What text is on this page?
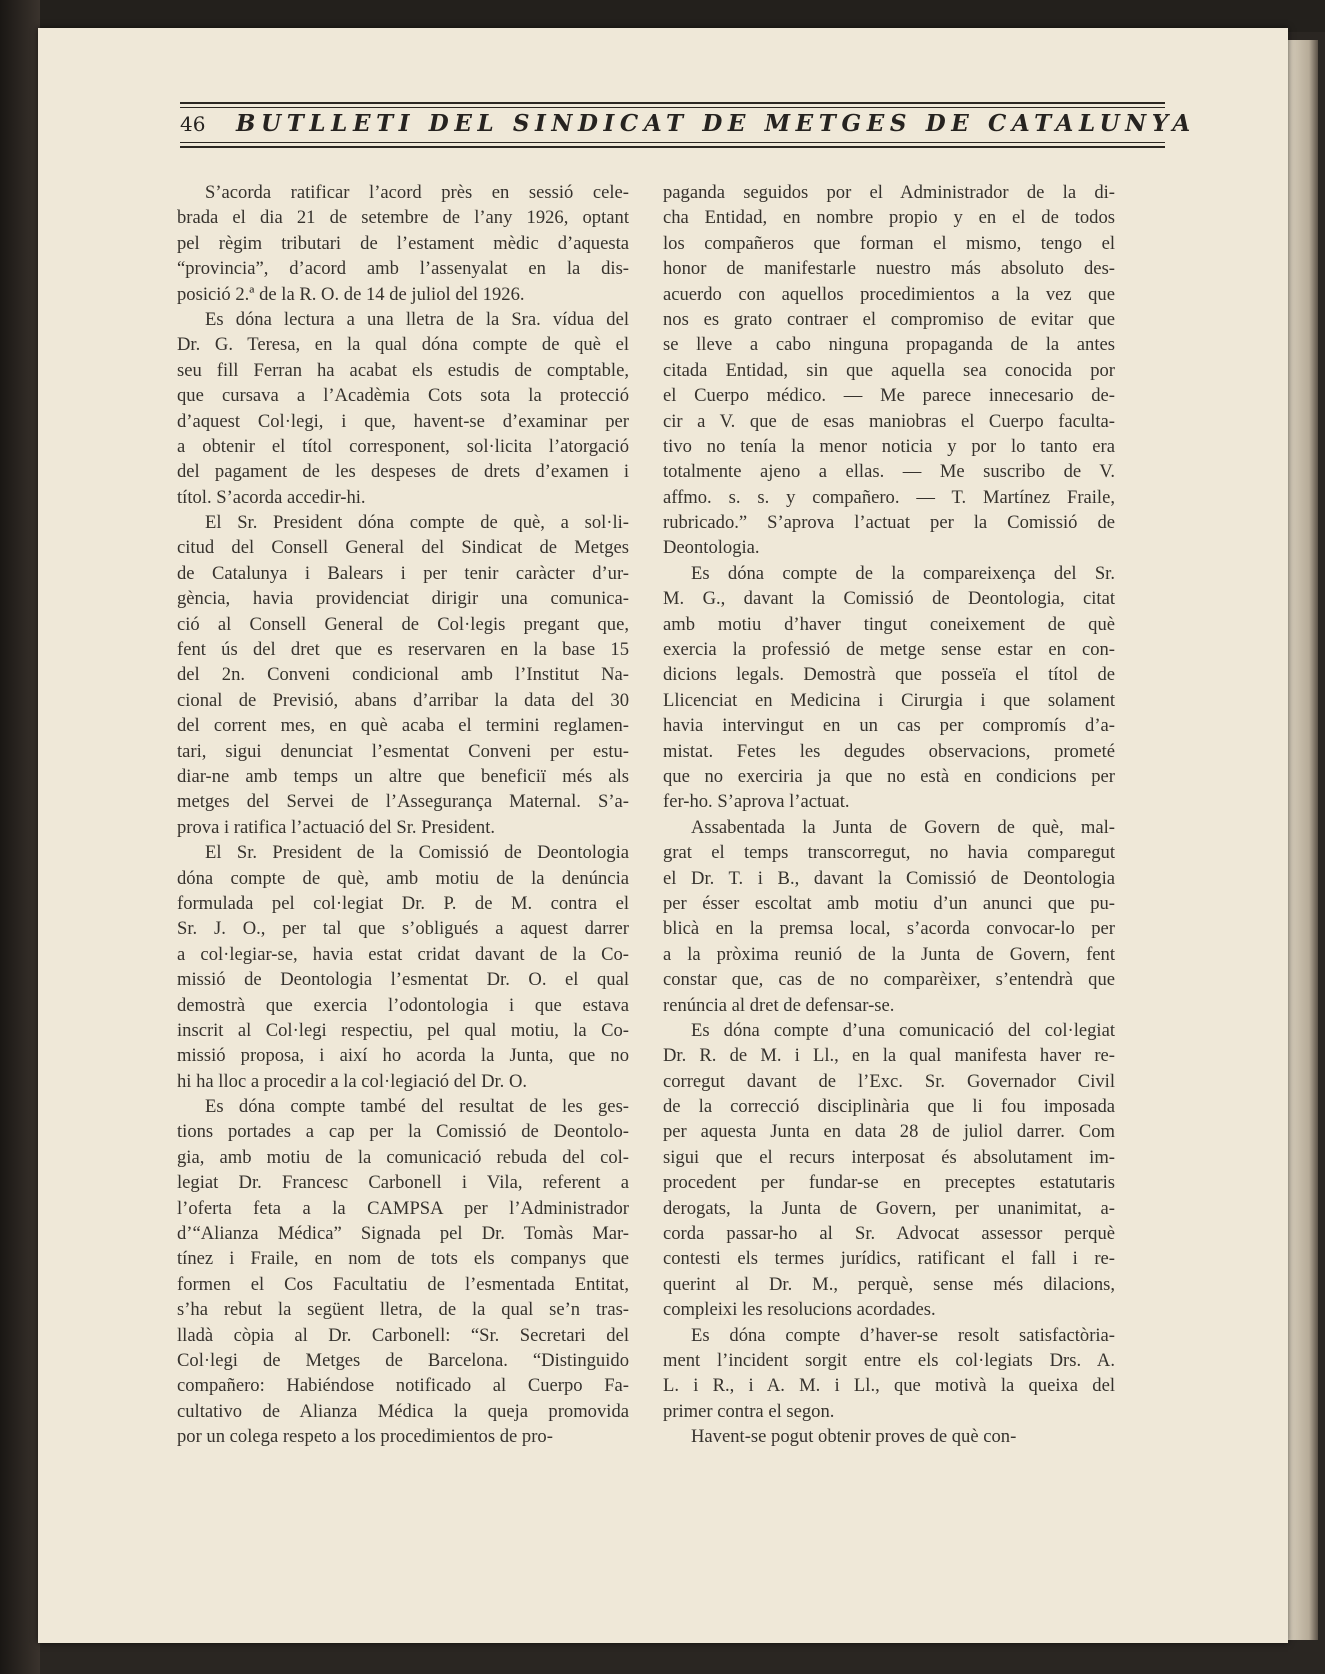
46 BUTLLETI DEL SINDICAT DE METGES DE CATALUNYA
S’acorda ratificar l’acord près en sessió cele-
brada el dia 21 de setembre de l’any 1926, optant
pel règim tributari de l’estament mèdic d’aquesta
“provincia”, d’acord amb l’assenyalat en la dis-
posició 2.ª de la R. O. de 14 de juliol del 1926.
Es dóna lectura a una lletra de la Sra. vídua del
Dr. G. Teresa, en la qual dóna compte de què el
seu fill Ferran ha acabat els estudis de comptable,
que cursava a l’Acadèmia Cots sota la protecció
d’aquest Col·legi, i que, havent-se d’examinar per
a obtenir el títol corresponent, sol·licita l’atorgació
del pagament de les despeses de drets d’examen i
títol. S’acorda accedir-hi.
El Sr. President dóna compte de què, a sol·li-
citud del Consell General del Sindicat de Metges
de Catalunya i Balears i per tenir caràcter d’ur-
gència, havia providenciat dirigir una comunica-
ció al Consell General de Col·legis pregant que,
fent ús del dret que es reservaren en la base 15
del 2n. Conveni condicional amb l’Institut Na-
cional de Previsió, abans d’arribar la data del 30
del corrent mes, en què acaba el termini reglamen-
tari, sigui denunciat l’esmentat Conveni per estu-
diar-ne amb temps un altre que beneficiï més als
metges del Servei de l’Assegurança Maternal. S’a-
prova i ratifica l’actuació del Sr. President.
El Sr. President de la Comissió de Deontologia
dóna compte de què, amb motiu de la denúncia
formulada pel col·legiat Dr. P. de M. contra el
Sr. J. O., per tal que s’obligués a aquest darrer
a col·legiar-se, havia estat cridat davant de la Co-
missió de Deontologia l’esmentat Dr. O. el qual
demostrà que exercia l’odontologia i que estava
inscrit al Col·legi respectiu, pel qual motiu, la Co-
missió proposa, i així ho acorda la Junta, que no
hi ha lloc a procedir a la col·legiació del Dr. O.
Es dóna compte també del resultat de les ges-
tions portades a cap per la Comissió de Deontolo-
gia, amb motiu de la comunicació rebuda del col-
legiat Dr. Francesc Carbonell i Vila, referent a
l’oferta feta a la CAMPSA per l’Administrador
d’“Alianza Médica” Signada pel Dr. Tomàs Mar-
tínez i Fraile, en nom de tots els companys que
formen el Cos Facultatiu de l’esmentada Entitat,
s’ha rebut la següent lletra, de la qual se’n tras-
lladà còpia al Dr. Carbonell: “Sr. Secretari del
Col·legi de Metges de Barcelona. “Distinguido
compañero: Habiéndose notificado al Cuerpo Fa-
cultativo de Alianza Médica la queja promovida
por un colega respeto a los procedimientos de pro-
paganda seguidos por el Administrador de la di-
cha Entidad, en nombre propio y en el de todos
los compañeros que forman el mismo, tengo el
honor de manifestarle nuestro más absoluto des-
acuerdo con aquellos procedimientos a la vez que
nos es grato contraer el compromiso de evitar que
se lleve a cabo ninguna propaganda de la antes
citada Entidad, sin que aquella sea conocida por
el Cuerpo médico. — Me parece innecesario de-
cir a V. que de esas maniobras el Cuerpo faculta-
tivo no tenía la menor noticia y por lo tanto era
totalmente ajeno a ellas. — Me suscribo de V.
affmo. s. s. y compañero. — T. Martínez Fraile,
rubricado.” S’aprova l’actuat per la Comissió de
Deontologia.
Es dóna compte de la compareixença del Sr.
M. G., davant la Comissió de Deontologia, citat
amb motiu d’haver tingut coneixement de què
exercia la professió de metge sense estar en con-
dicions legals. Demostrà que posseïa el títol de
Llicenciat en Medicina i Cirurgia i que solament
havia intervingut en un cas per compromís d’a-
mistat. Fetes les degudes observacions, prometé
que no exerciria ja que no està en condicions per
fer-ho. S’aprova l’actuat.
Assabentada la Junta de Govern de què, mal-
grat el temps transcorregut, no havia comparegut
el Dr. T. i B., davant la Comissió de Deontologia
per ésser escoltat amb motiu d’un anunci que pu-
blicà en la premsa local, s’acorda convocar-lo per
a la pròxima reunió de la Junta de Govern, fent
constar que, cas de no comparèixer, s’entendrà que
renúncia al dret de defensar-se.
Es dóna compte d’una comunicació del col·legiat
Dr. R. de M. i Ll., en la qual manifesta haver re-
corregut davant de l’Exc. Sr. Governador Civil
de la correcció disciplinària que li fou imposada
per aquesta Junta en data 28 de juliol darrer. Com
sigui que el recurs interposat és absolutament im-
procedent per fundar-se en preceptes estatutaris
derogats, la Junta de Govern, per unanimitat, a-
corda passar-ho al Sr. Advocat assessor perquè
contesti els termes jurídics, ratificant el fall i re-
querint al Dr. M., perquè, sense més dilacions,
compleixi les resolucions acordades.
Es dóna compte d’haver-se resolt satisfactòria-
ment l’incident sorgit entre els col·legiats Drs. A.
L. i R., i A. M. i Ll., que motivà la queixa del
primer contra el segon.
Havent-se pogut obtenir proves de què con-
